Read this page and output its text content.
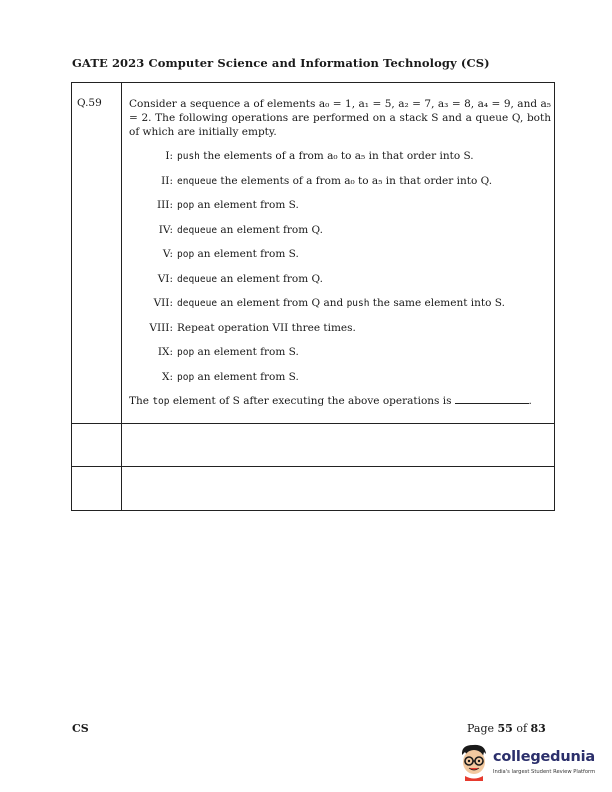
GATE 2023 Computer Science and Information Technology (CS)
Q.59	Consider a sequence a of elements a₀ = 1, a₁ = 5, a₂ = 7, a₃ = 8, a₄ = 9, and a₅ = 2. The following operations are performed on a stack S and a queue Q, both of which are initially empty.

I: push the elements of a from a₀ to a₅ in that order into S.
II: enqueue the elements of a from a₀ to a₅ in that order into Q.
III: pop an element from S.
IV: dequeue an element from Q.
V: pop an element from S.
VI: dequeue an element from Q.
VII: dequeue an element from Q and push the same element into S.
VIII: Repeat operation VII three times.
IX: pop an element from S.
X: pop an element from S.

The top element of S after executing the above operations is	.

CS	Page 55 of 83
collegedunia
India's largest Student Review Platform
